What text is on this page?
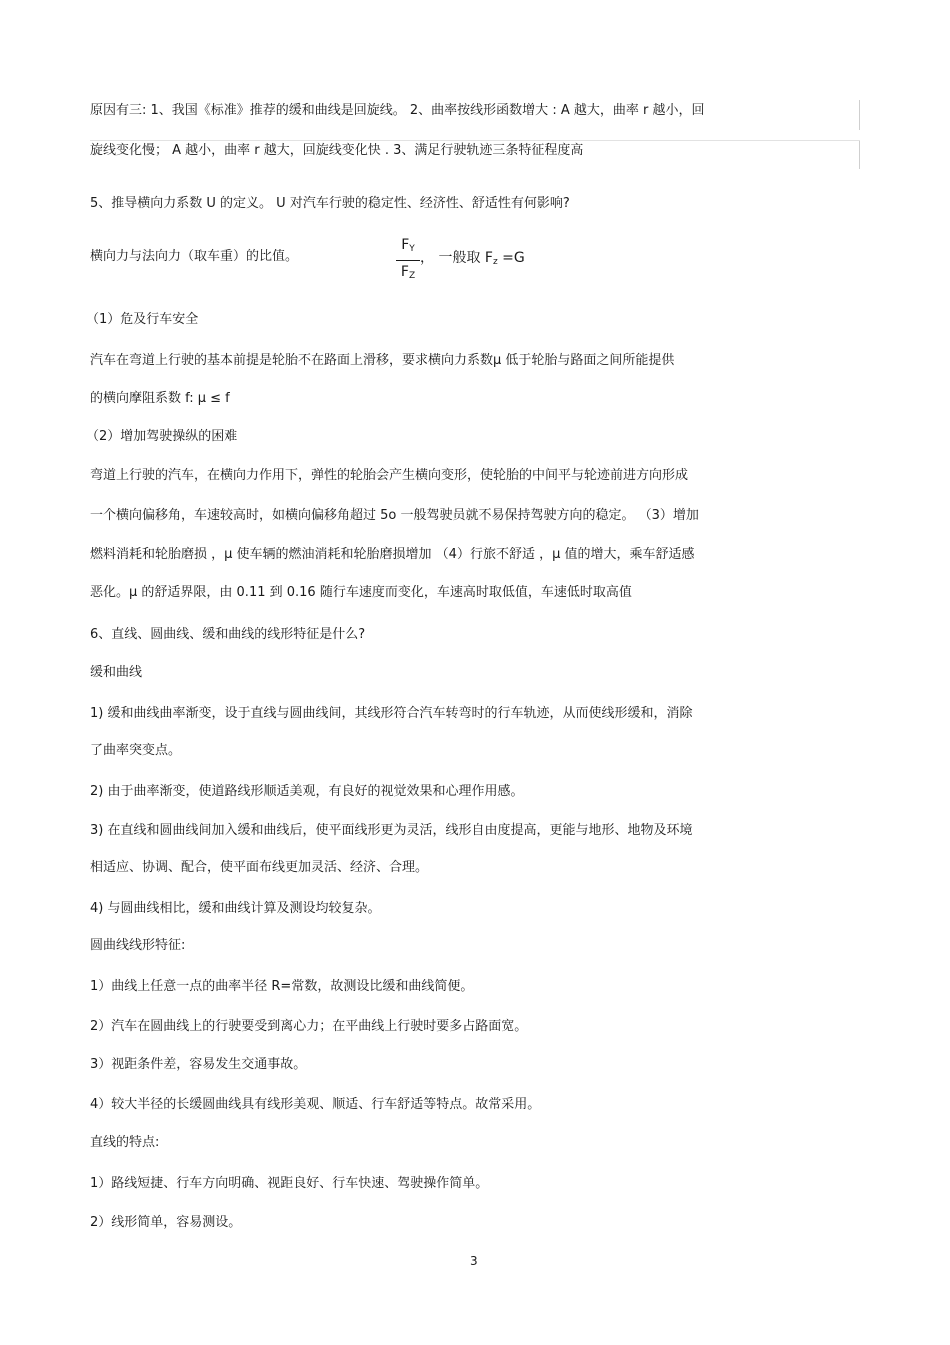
原因有三: 1、我国《标准》推荐的缓和曲线是回旋线。 2、曲率按线形函数增大 : A 越大，曲率 r 越小，回
旋线变化慢； A 越小，曲率 r 越大，回旋线变化快 . 3、满足行驶轨迹三条特征程度高
5、推导横向力系数 U 的定义。 U 对汽车行驶的稳定性、经济性、舒适性有何影响?
横向力与法向力（取车重）的比值。
$F_Y$
$F_Z$
， 一般取 $F_z =G$
（1）危及行车安全
汽车在弯道上行驶的基本前提是轮胎不在路面上滑移，要求横向力系数μ 低于轮胎与路面之间所能提供
的横向摩阻系数 f: μ ≤ f
（2）增加驾驶操纵的困难
弯道上行驶的汽车，在横向力作用下，弹性的轮胎会产生横向变形，使轮胎的中间平与轮迹前进方向形成
一个横向偏移角，车速较高时，如横向偏移角超过 5o 一般驾驶员就不易保持驾驶方向的稳定。 （3）增加
燃料消耗和轮胎磨损 ，μ 使车辆的燃油消耗和轮胎磨损增加 （4）行旅不舒适 ，μ 值的增大，乘车舒适感
恶化。μ 的舒适界限，由 0.11 到 0.16 随行车速度而变化，车速高时取低值，车速低时取高值
6、直线、圆曲线、缓和曲线的线形特征是什么?
缓和曲线
1) 缓和曲线曲率渐变，设于直线与圆曲线间，其线形符合汽车转弯时的行车轨迹，从而使线形缓和，消除
了曲率突变点。
2) 由于曲率渐变，使道路线形顺适美观，有良好的视觉效果和心理作用感。
3) 在直线和圆曲线间加入缓和曲线后，使平面线形更为灵活，线形自由度提高，更能与地形、地物及环境
相适应、协调、配合，使平面布线更加灵活、经济、合理。
4) 与圆曲线相比，缓和曲线计算及测设均较复杂。
圆曲线线形特征:
1）曲线上任意一点的曲率半径 R=常数，故测设比缓和曲线简便。
2）汽车在圆曲线上的行驶要受到离心力；在平曲线上行驶时要多占路面宽。
3）视距条件差，容易发生交通事故。
4）较大半径的长缓圆曲线具有线形美观、顺适、行车舒适等特点。故常采用。
直线的特点:
1）路线短捷、行车方向明确、视距良好、行车快速、驾驶操作简单。
2）线形简单，容易测设。
3
